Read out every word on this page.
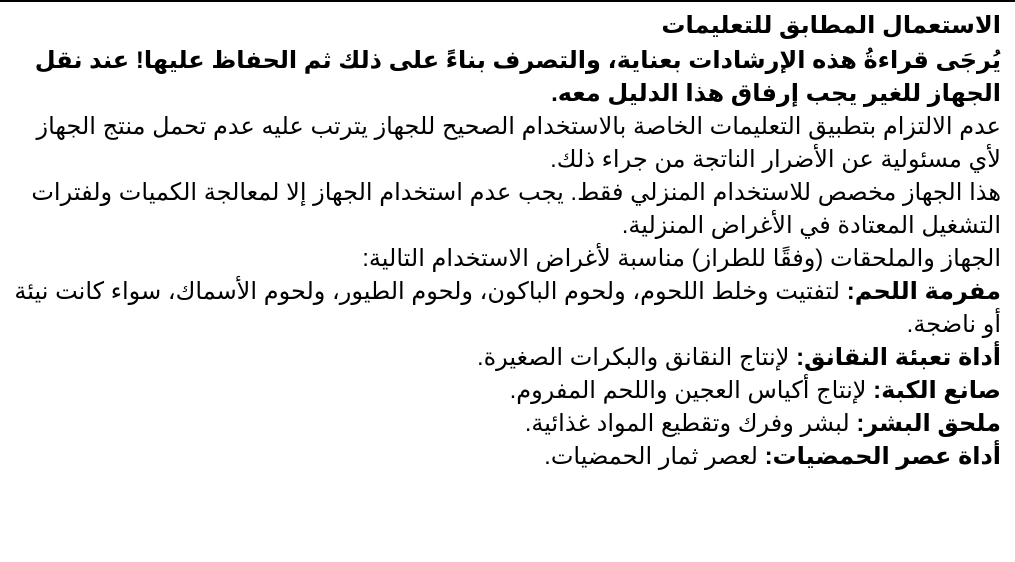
الاستعمال المطابق للتعليمات

يُرجَى قراءةُ هذه الإرشادات بعناية، والتصرف بناءً على ذلك ثم الحفاظ عليها! عند نقل الجهاز للغير يجب إرفاق هذا الدليل معه.

عدم الالتزام بتطبيق التعليمات الخاصة بالاستخدام الصحيح للجهاز يترتب عليه عدم تحمل منتج الجهاز لأي مسئولية عن الأضرار الناتجة من جراء ذلك.

هذا الجهاز مخصص للاستخدام المنزلي فقط. يجب عدم استخدام الجهاز إلا لمعالجة الكميات ولفترات التشغيل المعتادة في الأغراض المنزلية.

الجهاز والملحقات (وفقًا للطراز) مناسبة لأغراض الاستخدام التالية:

مفرمة اللحم: لتفتيت وخلط اللحوم، ولحوم الباكون، ولحوم الطيور، ولحوم الأسماك، سواء كانت نيئة أو ناضجة.

أداة تعبئة النقانق: لإنتاج النقانق والبكرات الصغيرة.

صانع الكبة: لإنتاج أكياس العجين واللحم المفروم.

ملحق البشر: لبشر وفرك وتقطيع المواد غذائية.

أداة عصر الحمضيات: لعصر ثمار الحمضيات.
